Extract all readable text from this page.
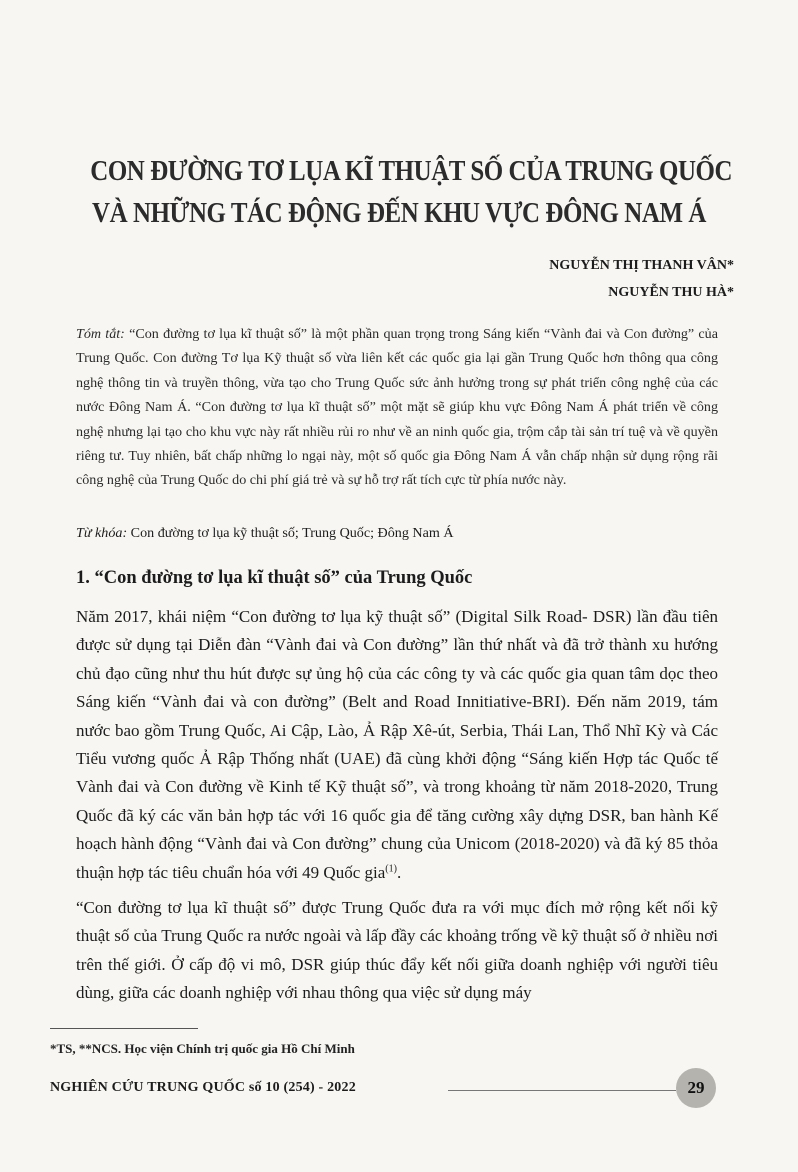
CON ĐƯỜNG TƠ LỤA KĨ THUẬT SỐ CỦA TRUNG QUỐC
VÀ NHỮNG TÁC ĐỘNG ĐẾN KHU VỰC ĐÔNG NAM Á
NGUYỄN THỊ THANH VÂN*
NGUYỄN THU HÀ*
Tóm tắt: “Con đường tơ lụa kĩ thuật số” là một phần quan trọng trong Sáng kiến “Vành đai và Con đường” của Trung Quốc. Con đường Tơ lụa Kỹ thuật số vừa liên kết các quốc gia lại gần Trung Quốc hơn thông qua công nghệ thông tin và truyền thông, vừa tạo cho Trung Quốc sức ảnh hưởng trong sự phát triển công nghệ của các nước Đông Nam Á. “Con đường tơ lụa kĩ thuật số” một mặt sẽ giúp khu vực Đông Nam Á phát triển về công nghệ nhưng lại tạo cho khu vực này rất nhiều rủi ro như về an ninh quốc gia, trộm cắp tài sản trí tuệ và về quyền riêng tư. Tuy nhiên, bất chấp những lo ngại này, một số quốc gia Đông Nam Á vẫn chấp nhận sử dụng rộng rãi công nghệ của Trung Quốc do chi phí giá trẻ và sự hỗ trợ rất tích cực từ phía nước này.
Từ khóa: Con đường tơ lụa kỹ thuật số; Trung Quốc; Đông Nam Á
1. “Con đường tơ lụa kĩ thuật số” của Trung Quốc

Năm 2017, khái niệm “Con đường tơ lụa kỹ thuật số” (Digital Silk Road- DSR) lần đầu tiên được sử dụng tại Diễn đàn “Vành đai và Con đường” lần thứ nhất và đã trở thành xu hướng chủ đạo cũng như thu hút được sự ủng hộ của các công ty và các quốc gia quan tâm dọc theo Sáng kiến “Vành đai và con đường” (Belt and Road Innitiative-BRI). Đến năm 2019, tám nước bao gồm Trung Quốc, Ai Cập, Lào, Ả Rập Xê-út, Serbia, Thái Lan, Thổ Nhĩ Kỳ và Các Tiểu vương quốc Ả Rập Thống nhất (UAE) đã cùng khởi động “Sáng kiến Hợp tác Quốc tế Vành đai và Con đường về Kinh tế Kỹ thuật số”, và trong khoảng từ năm 2018-2020, Trung Quốc đã ký các văn bản hợp tác với 16 quốc gia để tăng cường xây dựng DSR, ban hành Kế hoạch hành động “Vành đai và Con đường” chung của Unicom (2018-2020) và đã ký 85 thỏa thuận hợp tác tiêu chuẩn hóa với 49 Quốc gia$^{(1)}$.

“Con đường tơ lụa kĩ thuật số” được Trung Quốc đưa ra với mục đích mở rộng kết nối kỹ thuật số của Trung Quốc ra nước ngoài và lấp đầy các khoảng trống về kỹ thuật số ở nhiều nơi trên thế giới. Ở cấp độ vi mô, DSR giúp thúc đẩy kết nối giữa doanh nghiệp với người tiêu dùng, giữa các doanh nghiệp với nhau thông qua việc sử dụng máy

*TS, **NCS. Học viện Chính trị quốc gia Hồ Chí Minh
NGHIÊN CỨU TRUNG QUỐC số 10 (254) - 2022	29
